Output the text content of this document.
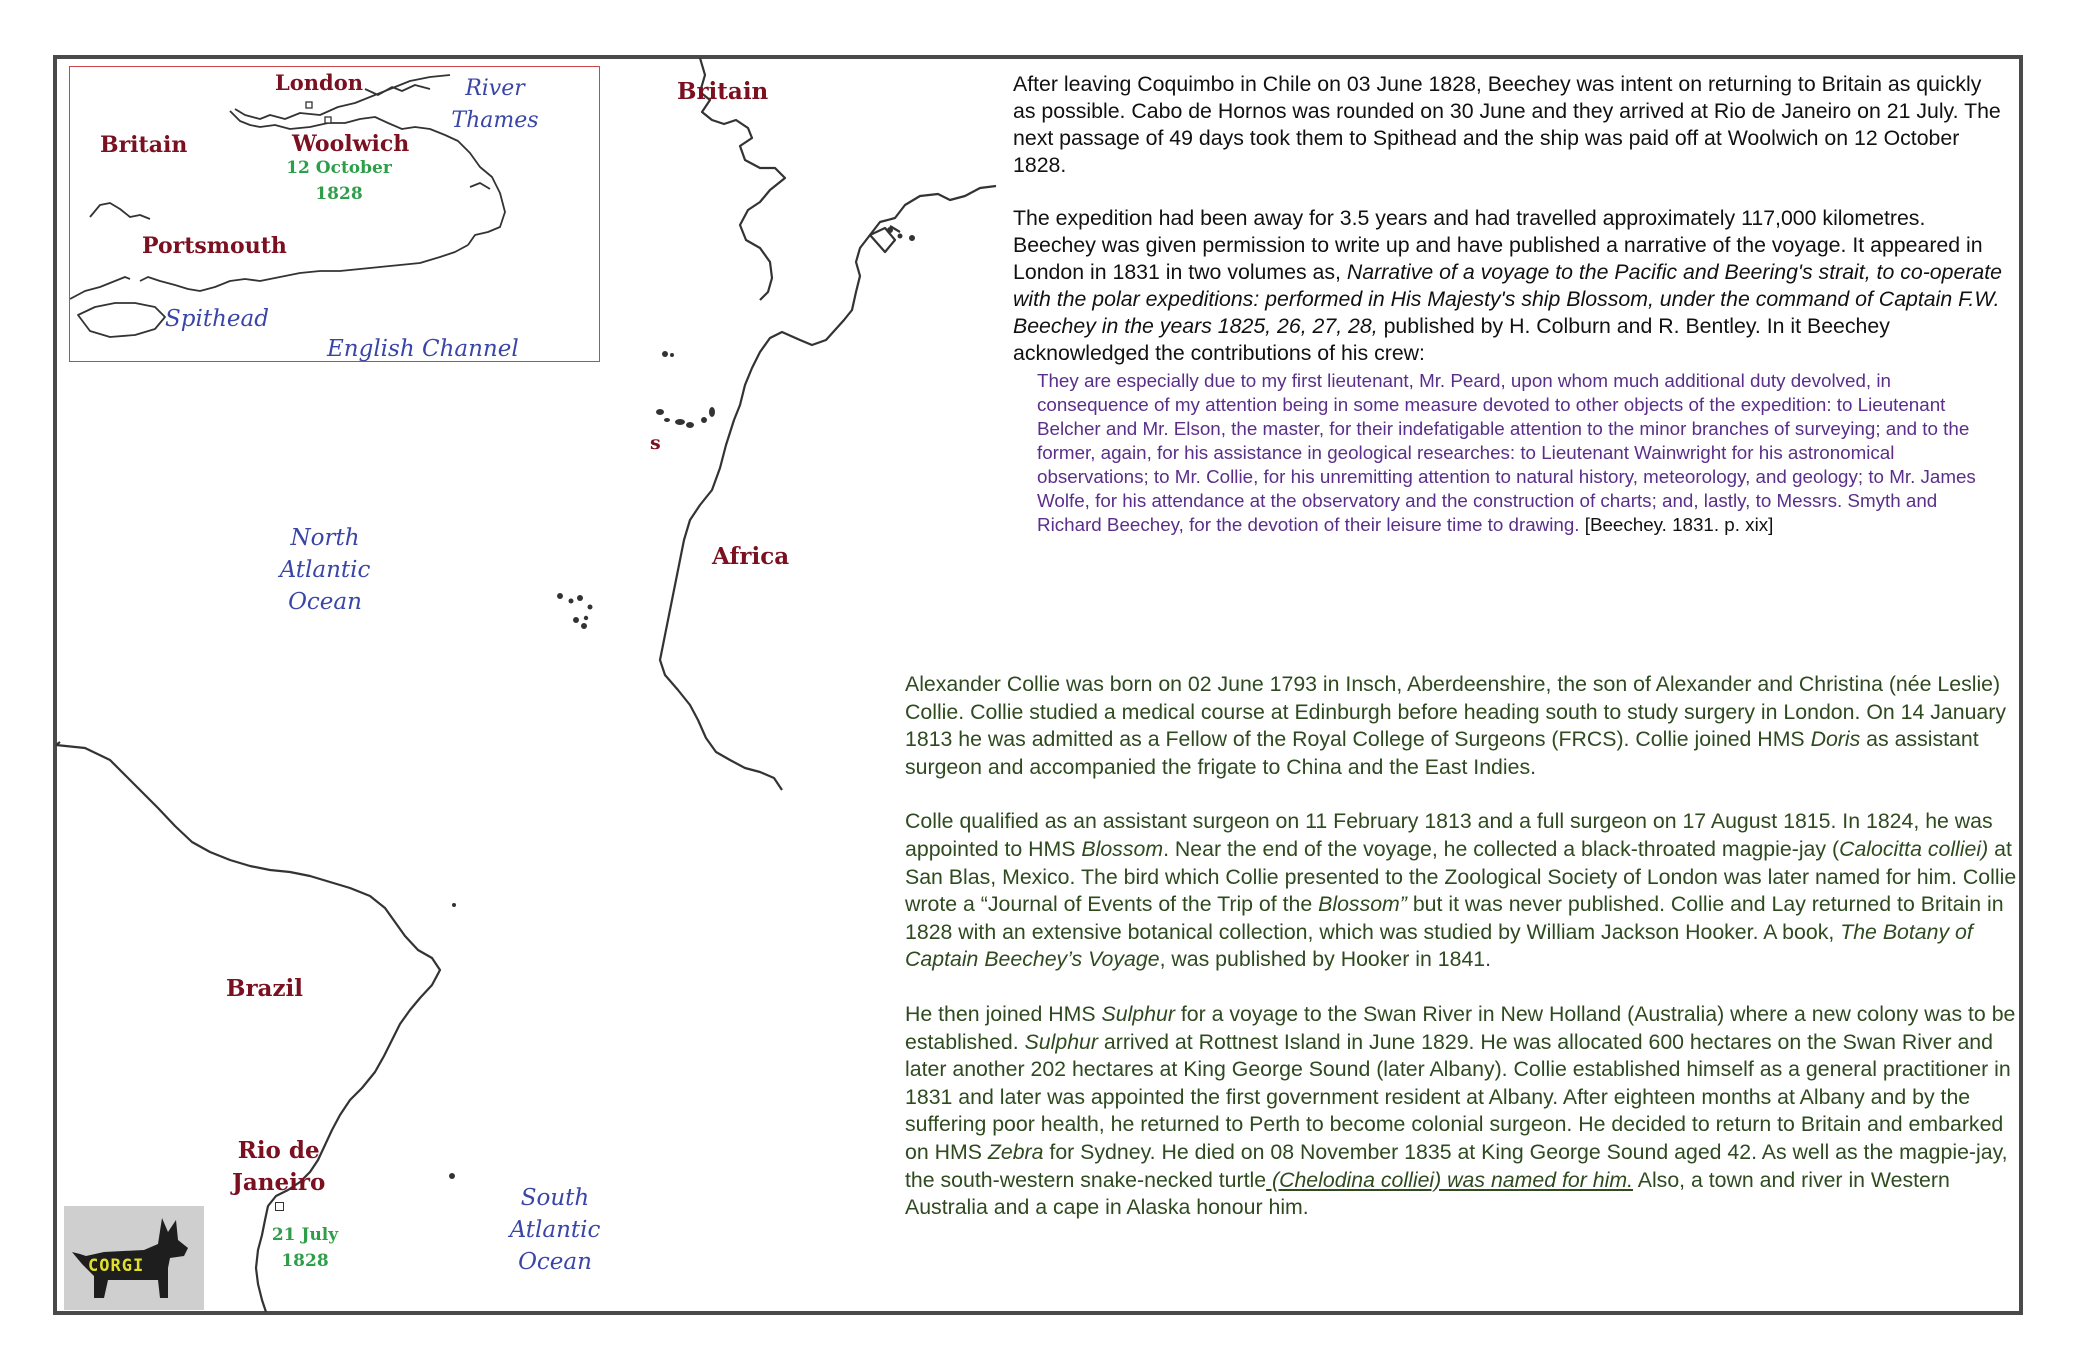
Britain
s
Africa
North
Atlantic
Ocean
Brazil
Rio de
Janeiro
21 July
1828
South
Atlantic
Ocean
London	River
Thames
Britain	Woolwich
12 October
1828
Portsmouth
Spithead
English Channel
CORGI

After leaving Coquimbo in Chile on 03 June 1828, Beechey was intent on returning to Britain as quickly as possible. Cabo de Hornos was rounded on 30 June and they arrived at Rio de Janeiro on 21 July. The next passage of 49 days took them to Spithead and the ship was paid off at Woolwich on 12 October 1828.

The expedition had been away for 3.5 years and had travelled approximately 117,000 kilometres. Beechey was given permission to write up and have published a narrative of the voyage. It appeared in London in 1831 in two volumes as, Narrative of a voyage to the Pacific and Beering's strait, to co-operate with the polar expeditions: performed in His Majesty's ship Blossom, under the command of Captain F.W. Beechey in the years 1825, 26, 27, 28, published by H. Colburn and R. Bentley. In it Beechey acknowledged the contributions of his crew:

They are especially due to my first lieutenant, Mr. Peard, upon whom much additional duty devolved, in consequence of my attention being in some measure devoted to other objects of the expedition: to Lieutenant Belcher and Mr. Elson, the master, for their indefatigable attention to the minor branches of surveying; and to the former, again, for his assistance in geological researches: to Lieutenant Wainwright for his astronomical observations; to Mr. Collie, for his unremitting attention to natural history, meteorology, and geology; to Mr. James Wolfe, for his attendance at the observatory and the construction of charts; and, lastly, to Messrs. Smyth and Richard Beechey, for the devotion of their leisure time to drawing. [Beechey. 1831. p. xix]

Alexander Collie was born on 02 June 1793 in Insch, Aberdeenshire, the son of Alexander and Christina (née Leslie) Collie. Collie studied a medical course at Edinburgh before heading south to study surgery in London. On 14 January 1813 he was admitted as a Fellow of the Royal College of Surgeons (FRCS). Collie joined HMS Doris as assistant surgeon and accompanied the frigate to China and the East Indies.

Colle qualified as an assistant surgeon on 11 February 1813 and a full surgeon on 17 August 1815. In 1824, he was appointed to HMS Blossom. Near the end of the voyage, he collected a black-throated magpie-jay (Calocitta colliei) at San Blas, Mexico. The bird which Collie presented to the Zoological Society of London was later named for him. Collie wrote a “Journal of Events of the Trip of the Blossom” but it was never published. Collie and Lay returned to Britain in 1828 with an extensive botanical collection, which was studied by William Jackson Hooker. A book, The Botany of Captain Beechey’s Voyage, was published by Hooker in 1841.

He then joined HMS Sulphur for a voyage to the Swan River in New Holland (Australia) where a new colony was to be established. Sulphur arrived at Rottnest Island in June 1829. He was allocated 600 hectares on the Swan River and later another 202 hectares at King George Sound (later Albany). Collie established himself as a general practitioner in 1831 and later was appointed the first government resident at Albany. After eighteen months at Albany and by the suffering poor health, he returned to Perth to become colonial surgeon. He decided to return to Britain and embarked on HMS Zebra for Sydney. He died on 08 November 1835 at King George Sound aged 42. As well as the magpie-jay, the south-western snake-necked turtle (Chelodina colliei) was named for him. Also, a town and river in Western Australia and a cape in Alaska honour him.
